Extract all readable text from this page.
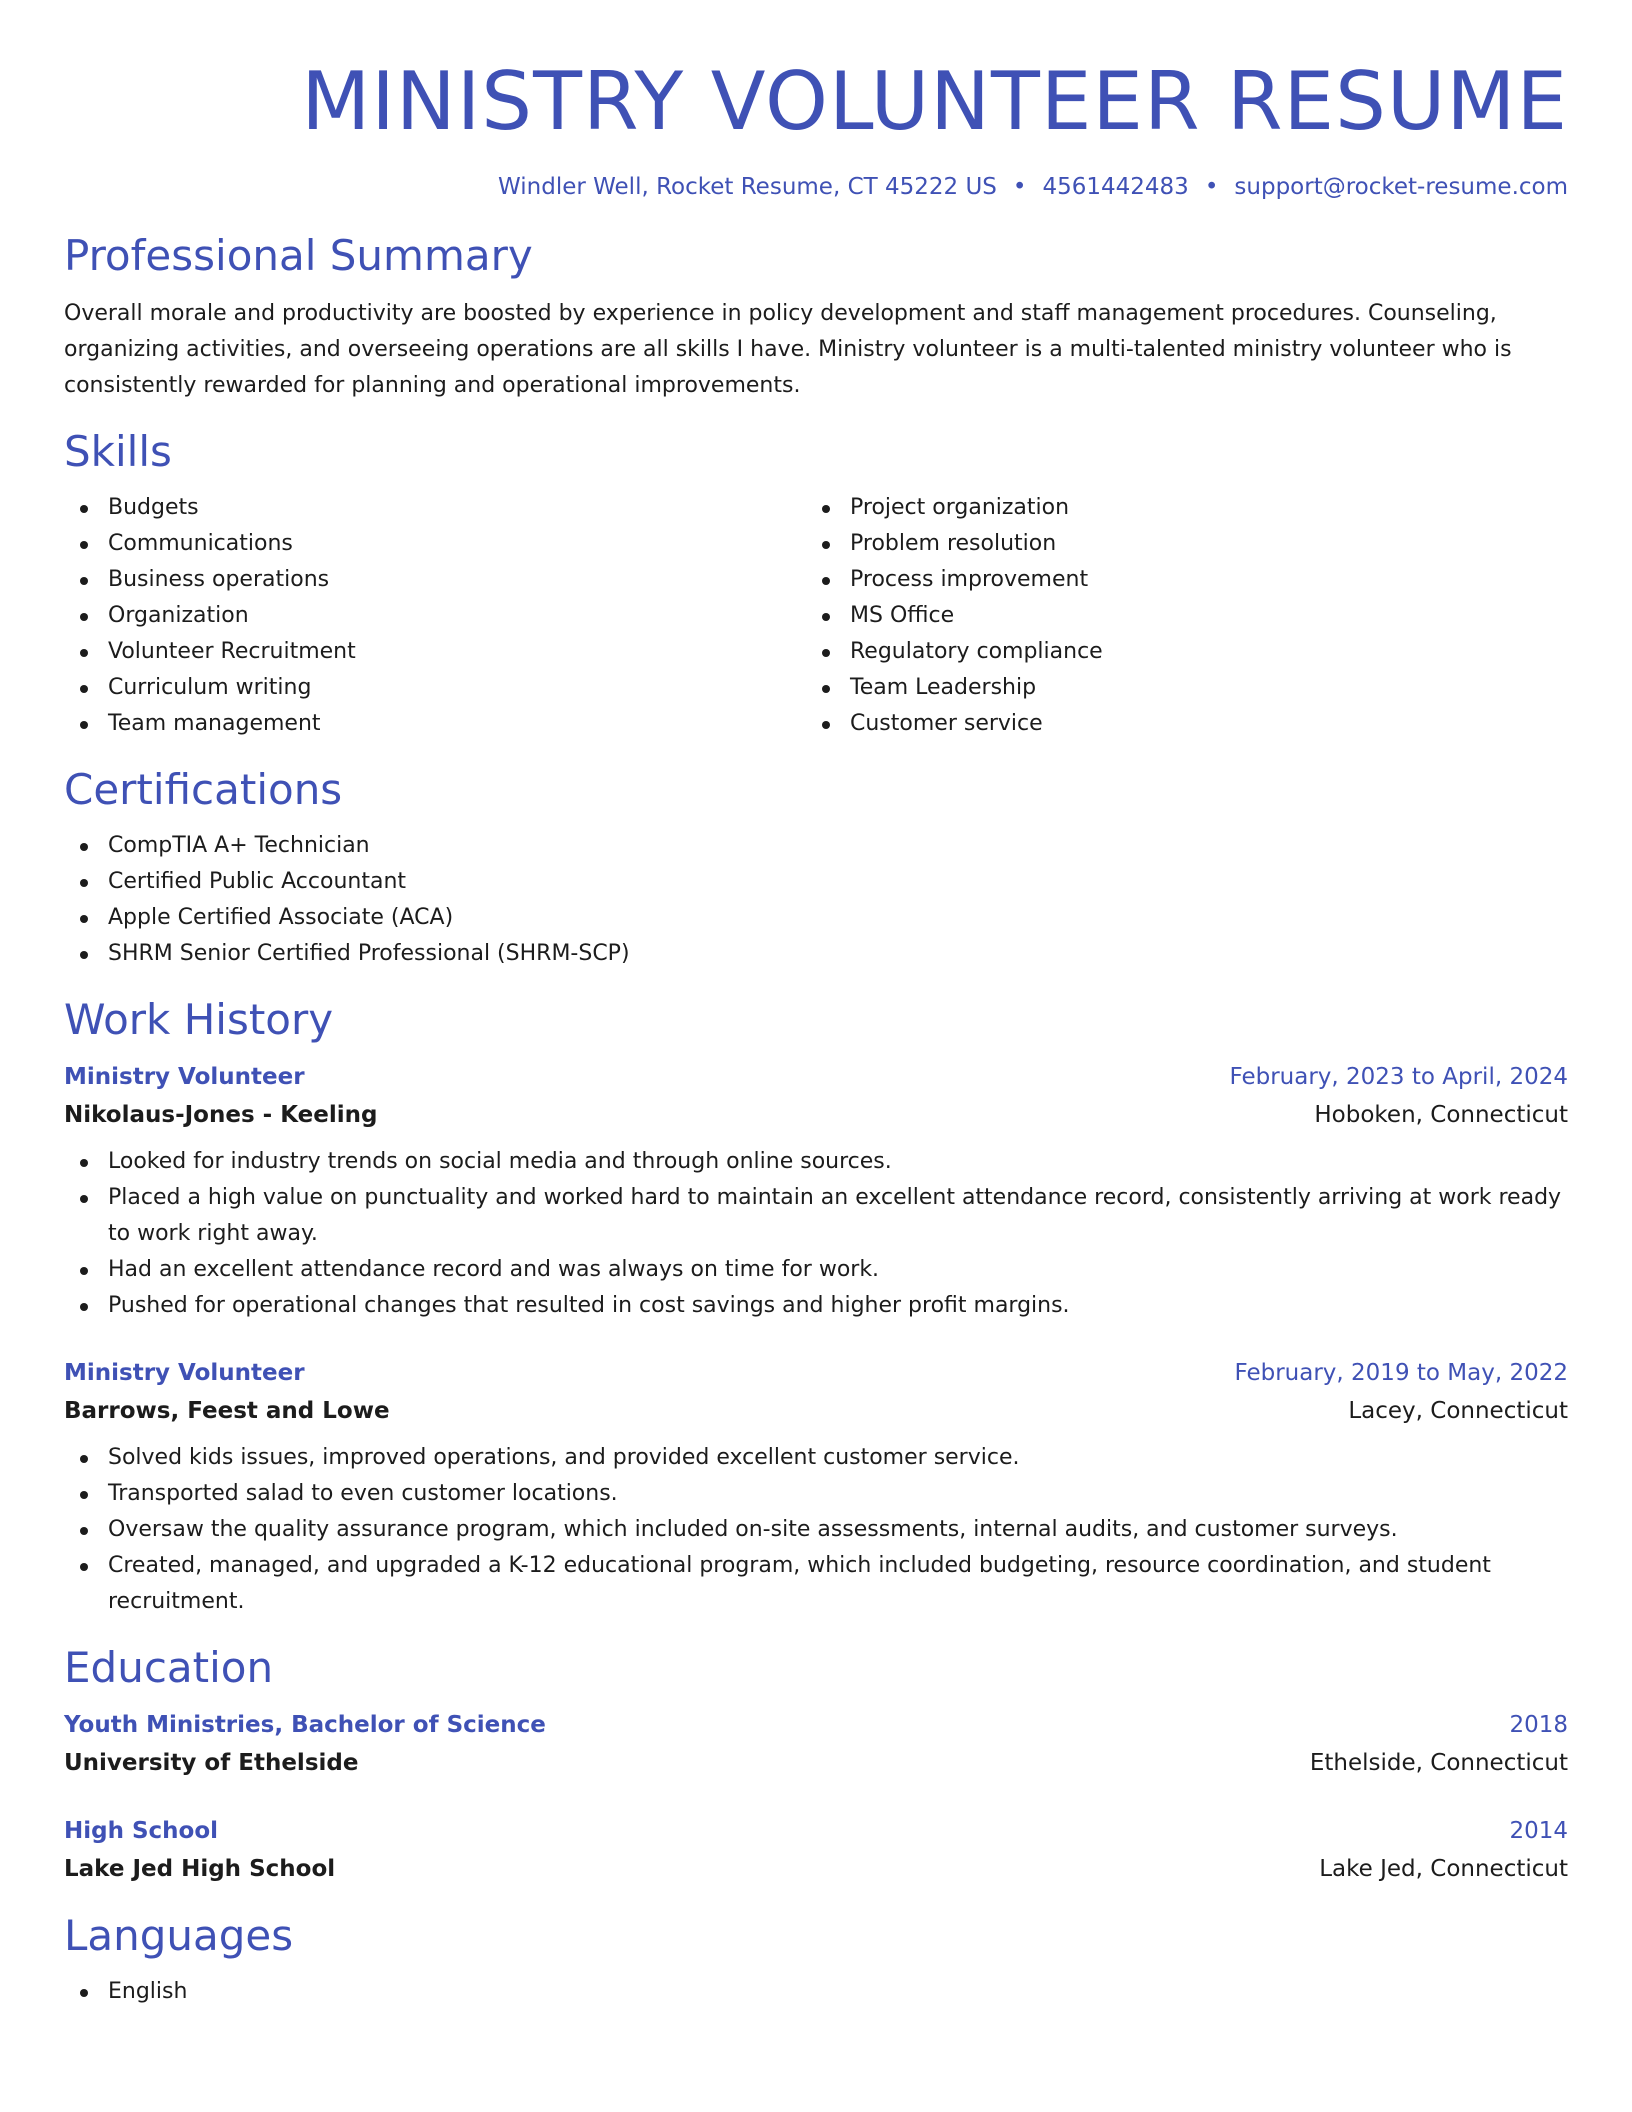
MINISTRY VOLUNTEER RESUME
Windler Well, Rocket Resume, CT 45222 US • 4561442483 • support@rocket-resume.com
Professional Summary
Overall morale and productivity are boosted by experience in policy development and staff management procedures. Counseling, organizing activities, and overseeing operations are all skills I have. Ministry volunteer is a multi-talented ministry volunteer who is consistently rewarded for planning and operational improvements.
Skills
Budgets
Communications
Business operations
Organization
Volunteer Recruitment
Curriculum writing
Team management
Project organization
Problem resolution
Process improvement
MS Office
Regulatory compliance
Team Leadership
Customer service
Certifications
CompTIA A+ Technician
Certified Public Accountant
Apple Certified Associate (ACA)
SHRM Senior Certified Professional (SHRM-SCP)
Work History
Ministry Volunteer	February, 2023 to April, 2024
Nikolaus-Jones - Keeling	Hoboken, Connecticut
Looked for industry trends on social media and through online sources.
Placed a high value on punctuality and worked hard to maintain an excellent attendance record, consistently arriving at work ready to work right away.
Had an excellent attendance record and was always on time for work.
Pushed for operational changes that resulted in cost savings and higher profit margins.
Ministry Volunteer	February, 2019 to May, 2022
Barrows, Feest and Lowe	Lacey, Connecticut
Solved kids issues, improved operations, and provided excellent customer service.
Transported salad to even customer locations.
Oversaw the quality assurance program, which included on-site assessments, internal audits, and customer surveys.
Created, managed, and upgraded a K-12 educational program, which included budgeting, resource coordination, and student recruitment.
Education
Youth Ministries, Bachelor of Science	2018
University of Ethelside	Ethelside, Connecticut
High School	2014
Lake Jed High School	Lake Jed, Connecticut
Languages
English
